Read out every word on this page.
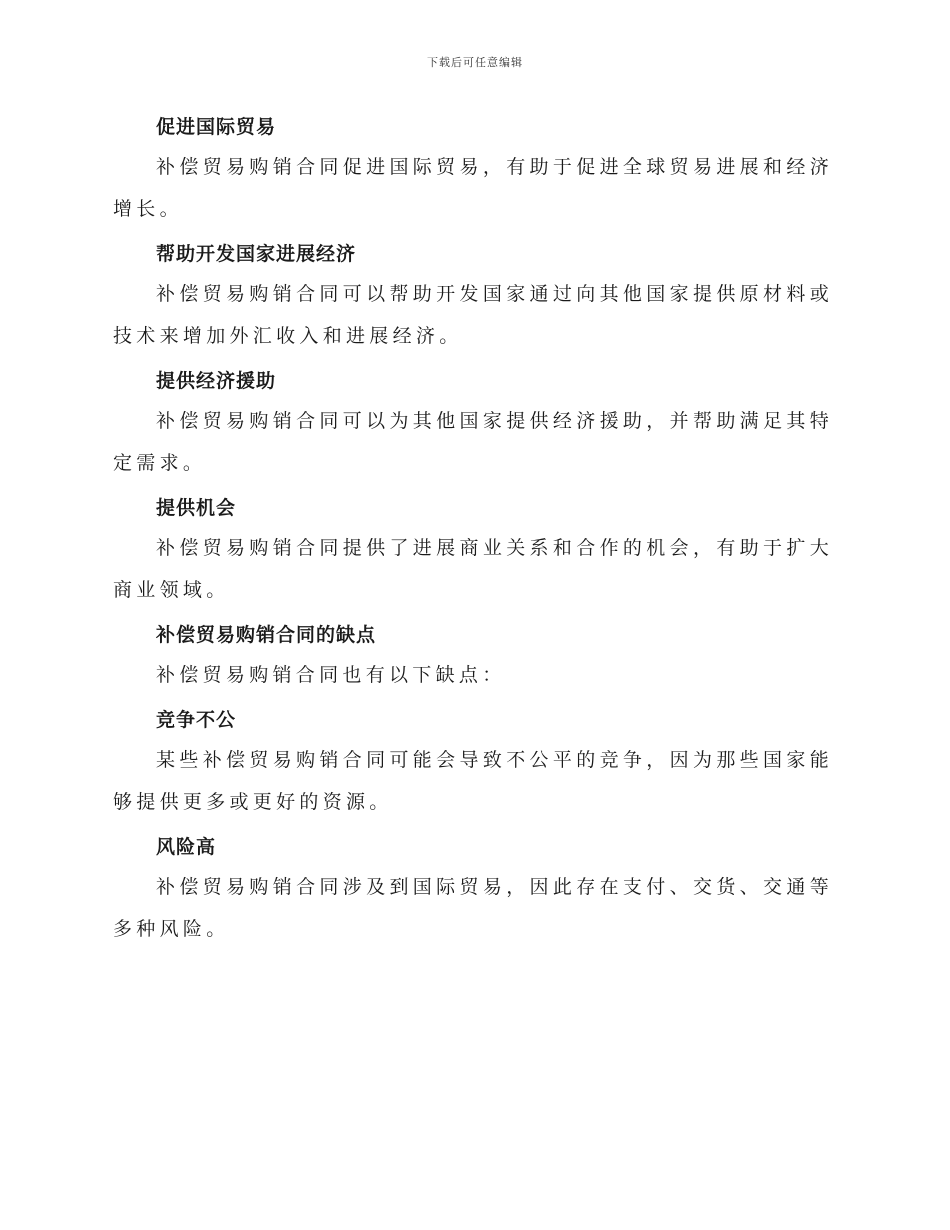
下载后可任意编辑

促进国际贸易

补偿贸易购销合同促进国际贸易，有助于促进全球贸易进展和经济增长。

帮助开发国家进展经济

补偿贸易购销合同可以帮助开发国家通过向其他国家提供原材料或技术来增加外汇收入和进展经济。

提供经济援助

补偿贸易购销合同可以为其他国家提供经济援助，并帮助满足其特定需求。

提供机会

补偿贸易购销合同提供了进展商业关系和合作的机会，有助于扩大商业领域。

补偿贸易购销合同的缺点

补偿贸易购销合同也有以下缺点：

竞争不公

某些补偿贸易购销合同可能会导致不公平的竞争，因为那些国家能够提供更多或更好的资源。

风险高

补偿贸易购销合同涉及到国际贸易，因此存在支付、交货、交通等多种风险。
